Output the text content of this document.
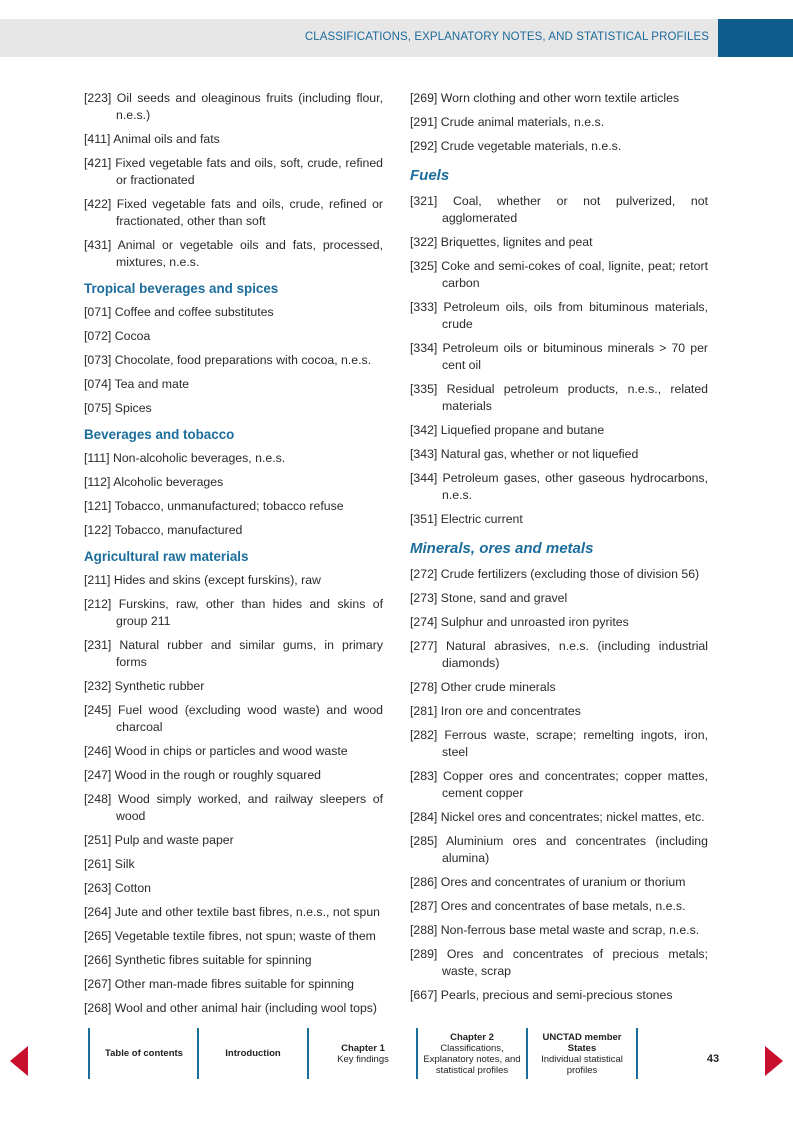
CLASSIFICATIONS, EXPLANATORY NOTES, AND STATISTICAL PROFILES
[223] Oil seeds and oleaginous fruits (including flour, n.e.s.)
[411] Animal oils and fats
[421] Fixed vegetable fats and oils, soft, crude, refined or fractionated
[422] Fixed vegetable fats and oils, crude, refined or fractionated, other than soft
[431] Animal or vegetable oils and fats, processed, mixtures, n.e.s.
Tropical beverages and spices
[071] Coffee and coffee substitutes
[072] Cocoa
[073] Chocolate, food preparations with cocoa, n.e.s.
[074] Tea and mate
[075] Spices
Beverages and tobacco
[111] Non-alcoholic beverages, n.e.s.
[112] Alcoholic beverages
[121] Tobacco, unmanufactured; tobacco refuse
[122] Tobacco, manufactured
Agricultural raw materials
[211] Hides and skins (except furskins), raw
[212] Furskins, raw, other than hides and skins of group 211
[231] Natural rubber and similar gums, in primary forms
[232] Synthetic rubber
[245] Fuel wood (excluding wood waste) and wood charcoal
[246] Wood in chips or particles and wood waste
[247] Wood in the rough or roughly squared
[248] Wood simply worked, and railway sleepers of wood
[251] Pulp and waste paper
[261] Silk
[263] Cotton
[264] Jute and other textile bast fibres, n.e.s., not spun
[265] Vegetable textile fibres, not spun; waste of them
[266] Synthetic fibres suitable for spinning
[267] Other man-made fibres suitable for spinning
[268] Wool and other animal hair (including wool tops)
[269] Worn clothing and other worn textile articles
[291] Crude animal materials, n.e.s.
[292] Crude vegetable materials, n.e.s.
Fuels
[321] Coal, whether or not pulverized, not agglomerated
[322] Briquettes, lignites and peat
[325] Coke and semi-cokes of coal, lignite, peat; retort carbon
[333] Petroleum oils, oils from bituminous materials, crude
[334] Petroleum oils or bituminous minerals > 70 per cent oil
[335] Residual petroleum products, n.e.s., related materials
[342] Liquefied propane and butane
[343] Natural gas, whether or not liquefied
[344] Petroleum gases, other gaseous hydrocarbons, n.e.s.
[351] Electric current
Minerals, ores and metals
[272] Crude fertilizers (excluding those of division 56)
[273] Stone, sand and gravel
[274] Sulphur and unroasted iron pyrites
[277] Natural abrasives, n.e.s. (including industrial diamonds)
[278] Other crude minerals
[281] Iron ore and concentrates
[282] Ferrous waste, scrape; remelting ingots, iron, steel
[283] Copper ores and concentrates; copper mattes, cement copper
[284] Nickel ores and concentrates; nickel mattes, etc.
[285] Aluminium ores and concentrates (including alumina)
[286] Ores and concentrates of uranium or thorium
[287] Ores and concentrates of base metals, n.e.s.
[288] Non-ferrous base metal waste and scrap, n.e.s.
[289] Ores and concentrates of precious metals; waste, scrap
[667] Pearls, precious and semi-precious stones
Table of contents	Introduction	Chapter 1
Key findings
Chapter 2
Classifications, Explanatory notes, and statistical profiles
UNCTAD member States
Individual statistical profiles
43
